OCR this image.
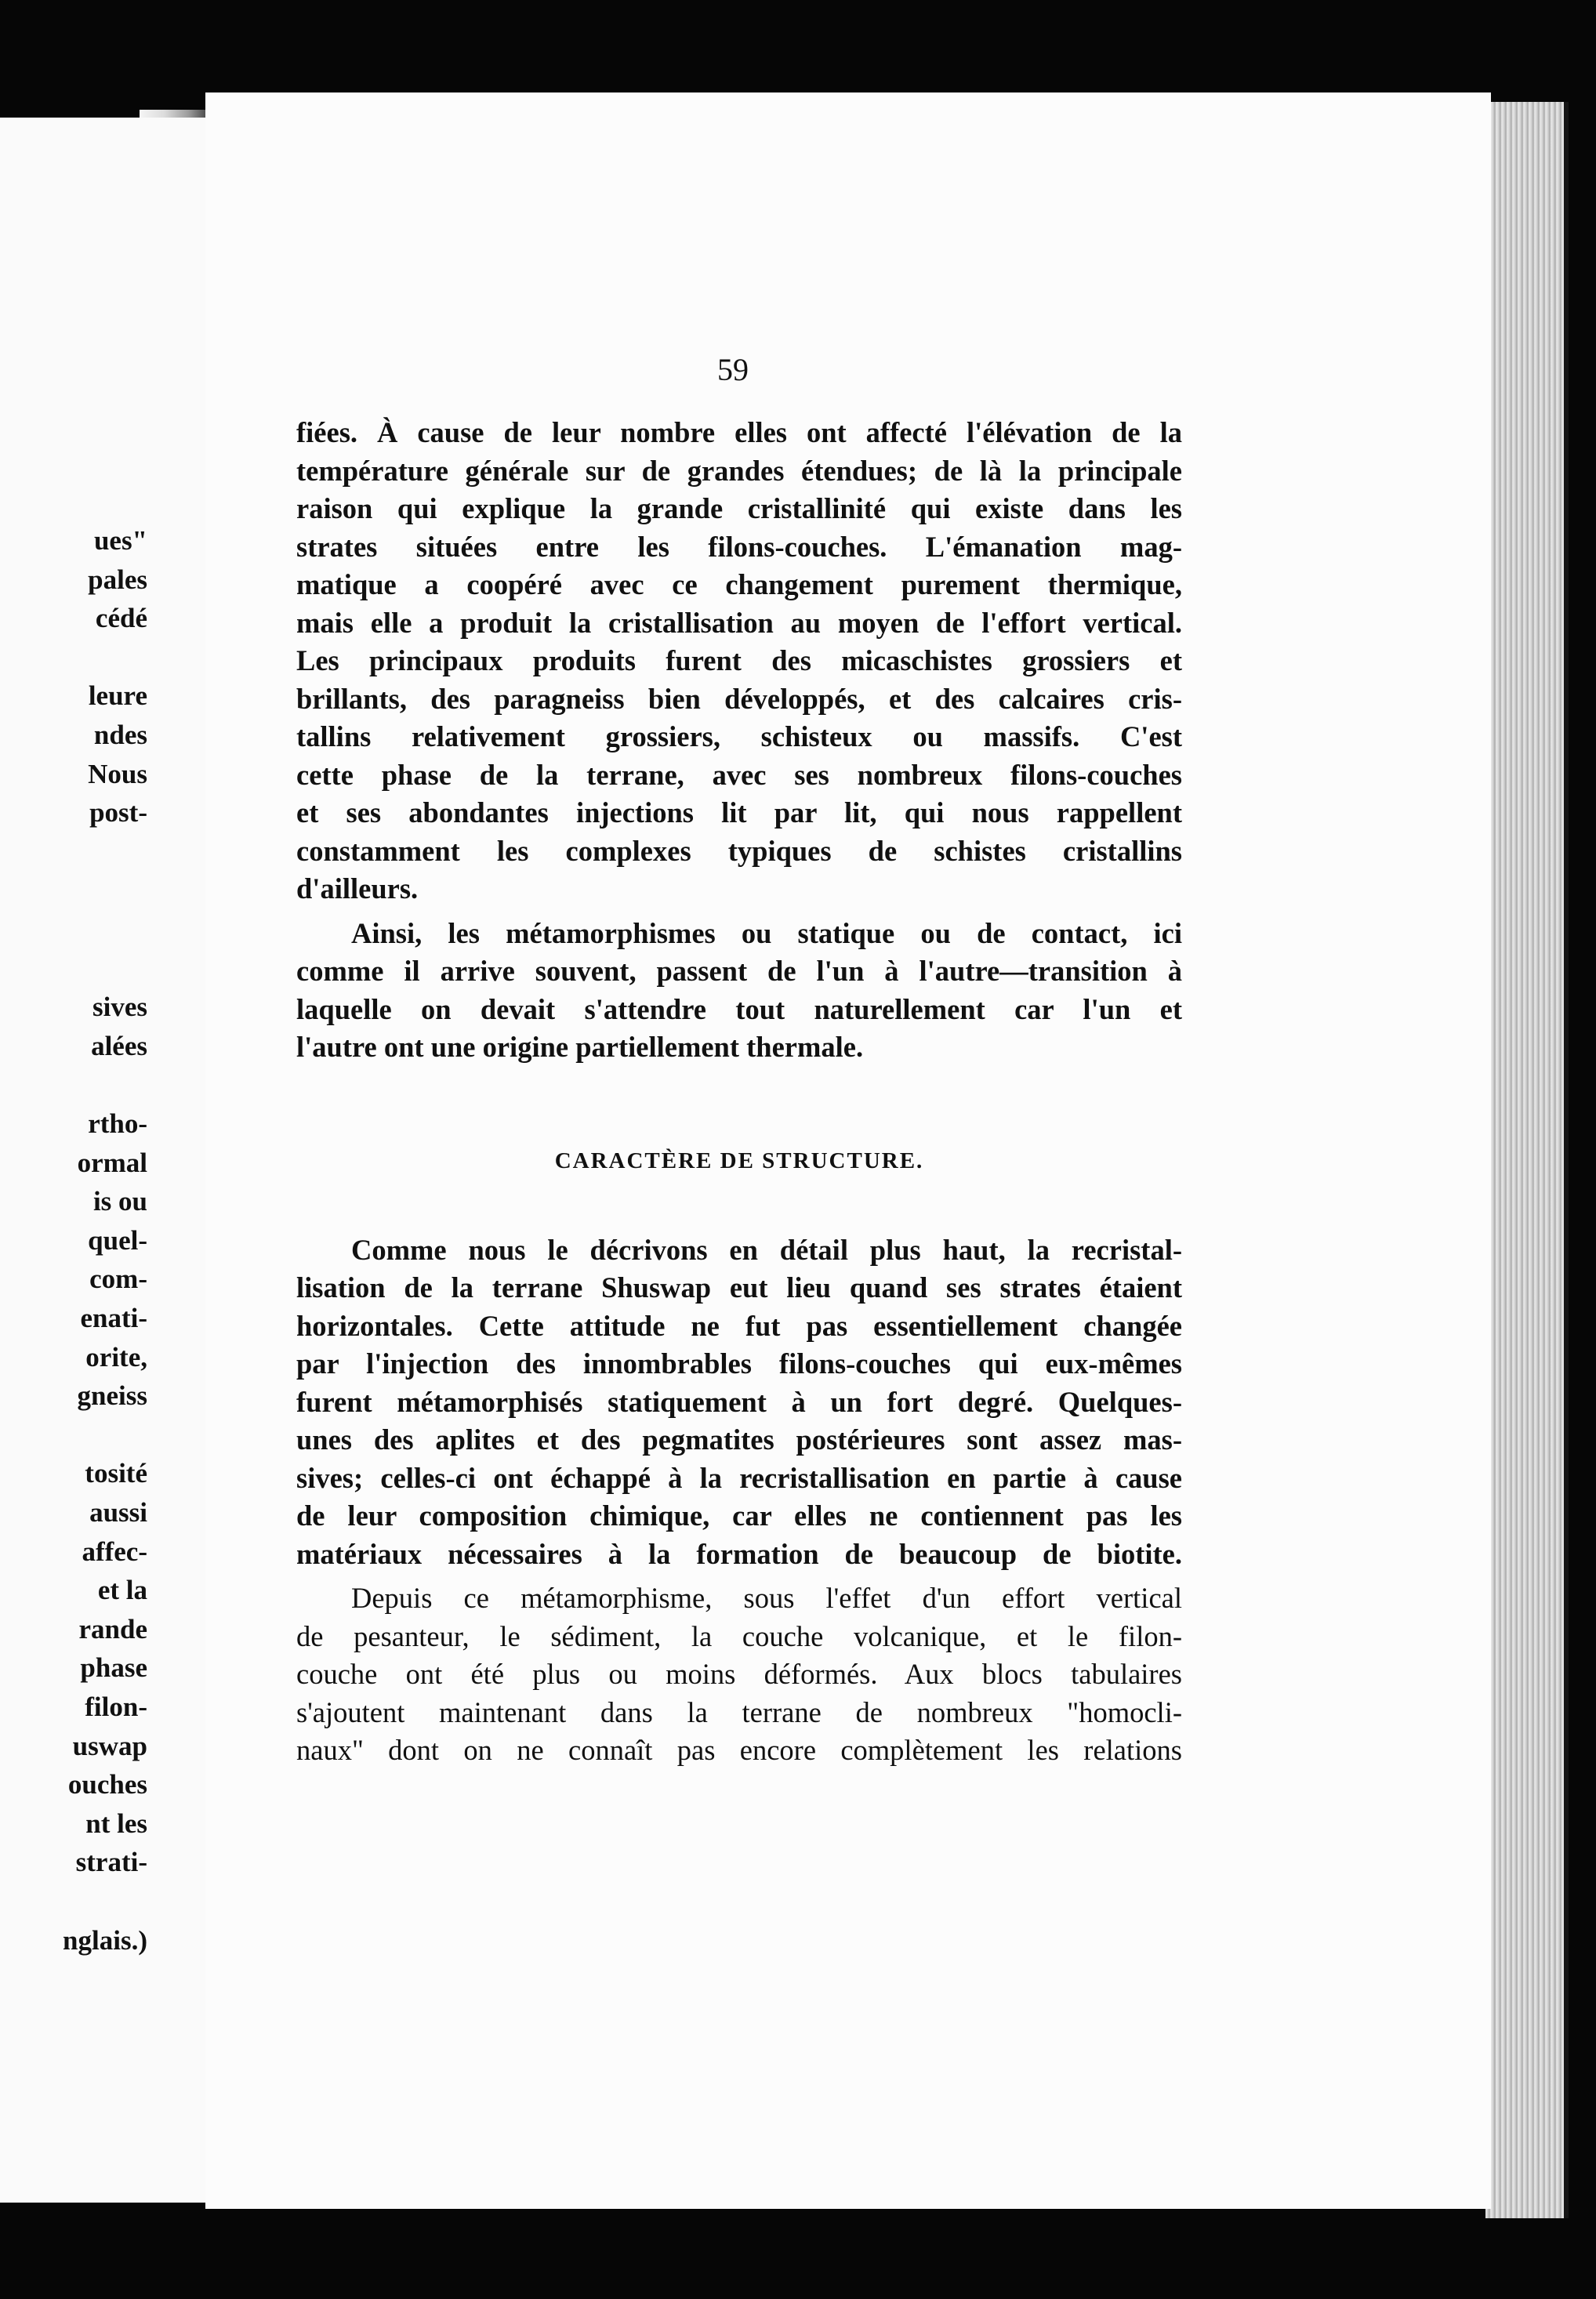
ues"
pales
cédé
leure
ndes
Nous
post-
sives
alées
rtho-
ormal
is ou
quel-
com-
enati-
orite,
gneiss
tosité
aussi
affec-
et la
rande
phase
filon-
uswap
ouches
nt les
strati-
nglais.)
59
fiées. À cause de leur nombre elles ont affecté l'élévation de la
température générale sur de grandes étendues; de là la principale
raison qui explique la grande cristallinité qui existe dans les
strates situées entre les filons-couches. L'émanation mag-
matique a coopéré avec ce changement purement thermique,
mais elle a produit la cristallisation au moyen de l'effort vertical.
Les principaux produits furent des micaschistes grossiers et
brillants, des paragneiss bien développés, et des calcaires cris-
tallins relativement grossiers, schisteux ou massifs. C'est
cette phase de la terrane, avec ses nombreux filons-couches
et ses abondantes injections lit par lit, qui nous rappellent
constamment les complexes typiques de schistes cristallins
d'ailleurs.
Ainsi, les métamorphismes ou statique ou de contact, ici
comme il arrive souvent, passent de l'un à l'autre—transition à
laquelle on devait s'attendre tout naturellement car l'un et
l'autre ont une origine partiellement thermale.
CARACTÈRE DE STRUCTURE.
Comme nous le décrivons en détail plus haut, la recristal-
lisation de la terrane Shuswap eut lieu quand ses strates étaient
horizontales. Cette attitude ne fut pas essentiellement changée
par l'injection des innombrables filons-couches qui eux-mêmes
furent métamorphisés statiquement à un fort degré. Quelques-
unes des aplites et des pegmatites postérieures sont assez mas-
sives; celles-ci ont échappé à la recristallisation en partie à cause
de leur composition chimique, car elles ne contiennent pas les
matériaux nécessaires à la formation de beaucoup de biotite.
Depuis ce métamorphisme, sous l'effet d'un effort vertical
de pesanteur, le sédiment, la couche volcanique, et le filon-
couche ont été plus ou moins déformés. Aux blocs tabulaires
s'ajoutent maintenant dans la terrane de nombreux "homocli-
naux" dont on ne connaît pas encore complètement les relations
